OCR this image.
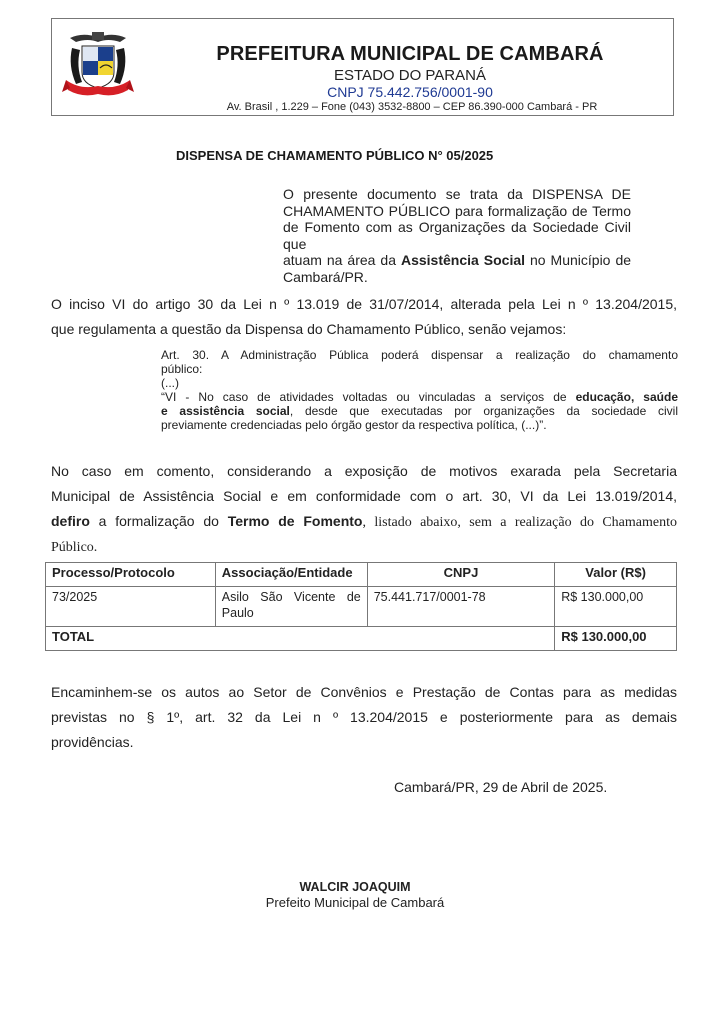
PREFEITURA MUNICIPAL DE CAMBARÁ
ESTADO DO PARANÁ
CNPJ 75.442.756/0001-90
Av. Brasil , 1.229 – Fone (043) 3532-8800 – CEP 86.390-000 Cambará - PR
DISPENSA DE CHAMAMENTO PÚBLICO N° 05/2025
O presente documento se trata da DISPENSA DE
CHAMAMENTO PÚBLICO para formalização de Termo
de Fomento com as Organizações da Sociedade Civil que
atuam na área da Assistência Social no Município de
Cambará/PR.
O inciso VI do artigo 30 da Lei n º 13.019 de 31/07/2014, alterada pela Lei n º 13.204/2015,
que regulamenta a questão da Dispensa do Chamamento Público, senão vejamos:
Art. 30. A Administração Pública poderá dispensar a realização do chamamento
público:
(...)
“VI - No caso de atividades voltadas ou vinculadas a serviços de educação, saúde
e assistência social, desde que executadas por organizações da sociedade civil
previamente credenciadas pelo órgão gestor da respectiva política, (...)”.
No caso em comento, considerando a exposição de motivos exarada pela Secretaria
Municipal de Assistência Social e em conformidade com o art. 30, VI da Lei 13.019/2014,
defiro a formalização do Termo de Fomento, listado abaixo, sem a realização do Chamamento
Público.
Processo/Protocolo	Associação/Entidade	CNPJ	Valor (R$)
73/2025	Asilo São Vicente de
Paulo	75.441.717/0001-78	R$ 130.000,00
TOTAL			R$ 130.000,00
Encaminhem-se os autos ao Setor de Convênios e Prestação de Contas para as medidas
previstas no § 1º, art. 32 da Lei n º 13.204/2015 e posteriormente para as demais
providências.
Cambará/PR, 29 de Abril de 2025.
WALCIR JOAQUIM
Prefeito Municipal de Cambará
